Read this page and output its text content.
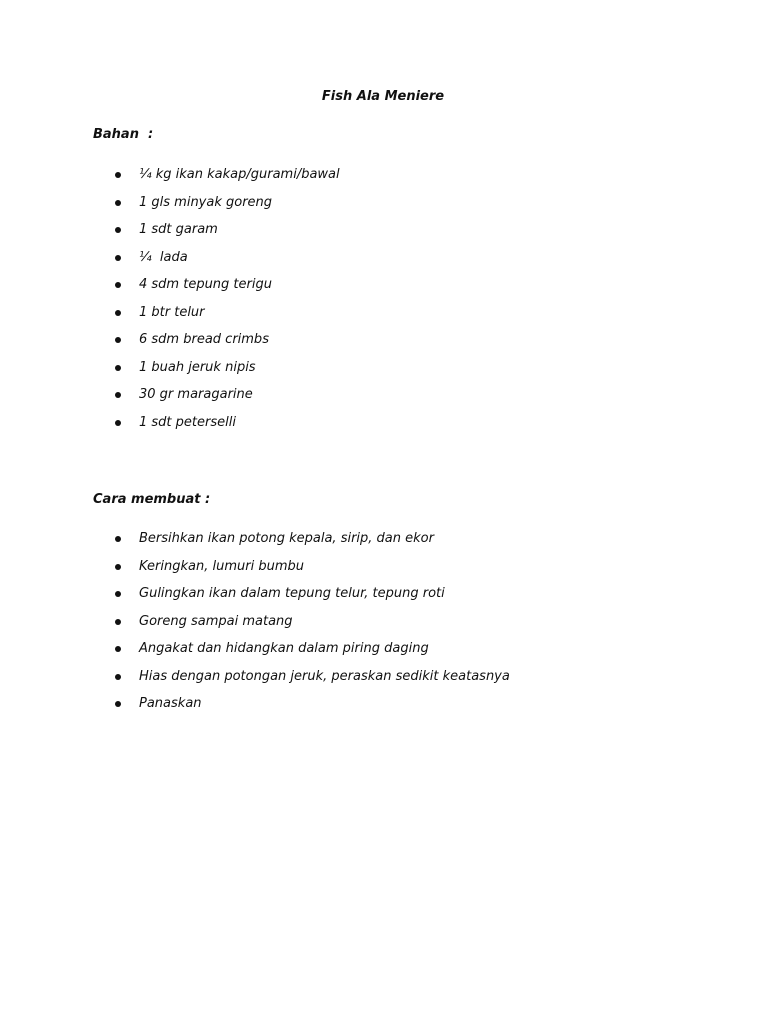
Fish Ala Meniere
Bahan  :
¼ kg ikan kakap/gurami/bawal
1 gls minyak goreng
1 sdt garam
¼  lada
4 sdm tepung terigu
1 btr telur
6 sdm bread crimbs
1 buah jeruk nipis
30 gr maragarine
1 sdt peterselli
Cara membuat :
Bersihkan ikan potong kepala, sirip, dan ekor
Keringkan, lumuri bumbu
Gulingkan ikan dalam tepung telur, tepung roti
Goreng sampai matang
Angakat dan hidangkan dalam piring daging
Hias dengan potongan jeruk, peraskan sedikit keatasnya
Panaskan
